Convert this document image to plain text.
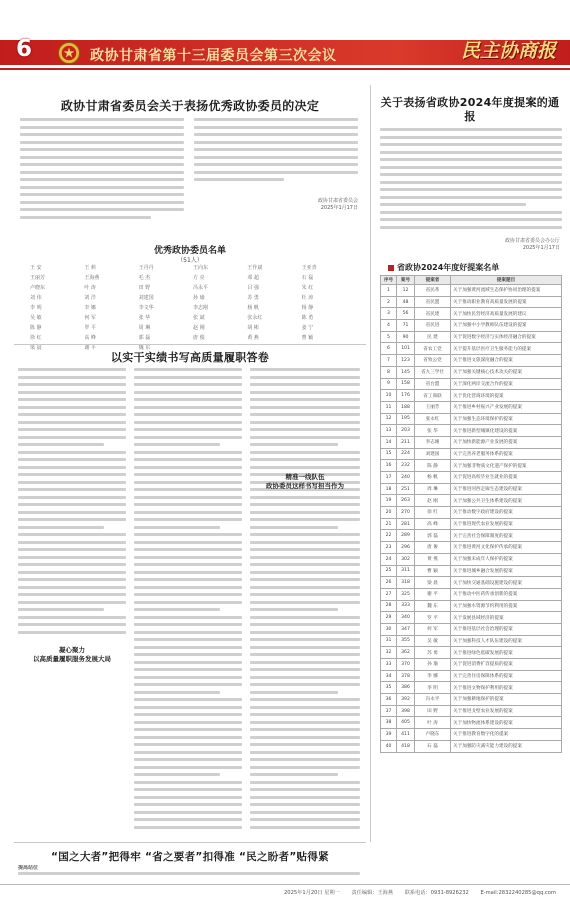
6	政协甘肃省第十三届委员会第三次会议	民主协商报
政协甘肃省委员会关于表扬优秀政协委员的决定
政协甘肃省委员会
2025年1月17日
优秀政协委员名单
（51人）
王 安	王 莉	王丹丹	王向东	王作斌	王亚青
王丽芳	王海燕	毛 杰	方 亮	邓 超	石 磊
卢晓东	叶 涛	田 野	冯永平	吕 强	朱 红
刘 伟	刘 洋	刘建国	孙 瑜	苏 勇	杜 涛
李 明	李 娜	李文华	李志刚	杨 帆	杨 静
吴 敏	何 军	张 华	张 斌	张永红	陈 勇
陈 静	罗 平	周 琳	赵 刚	胡 彬	姜 宁
徐 红	高 峰	郭 磊	唐 俊	黄 燕	曹 颖
梁 晨	谢 平	魏 东
以实干实绩书写高质量履职答卷
凝心聚力
以高质量履职服务发展大局
精准一线队伍
政协委员这样书写担当作为
关于表扬省政协2024年度提案的通报
政协甘肃省委员会办公厅
2025年1月17日
省政协2024年度好提案名单
序号	案号	提案者	提案题目
1	12	省民革	关于加强黄河流域生态保护协同治理的提案
2	48	省民盟	关于推动职业教育高质量发展的提案
3	56	省民建	关于加快民营经济高质量发展的建议
4	71	省民进	关于加强中小学教师队伍建设的提案
5	90	民 建	关于促进数字经济与实体经济融合的提案
6	101	省农工党	关于提升基层医疗卫生服务能力的提案
7	123	省致公党	关于推进文旅深度融合的提案
8	145	省九三学社	关于加强关键核心技术攻关的提案
9	158	省台盟	关于深化两岸交流合作的提案
10	176	省工商联	关于优化营商环境的提案
11	188	王丽芳	关于推进乡村振兴产业发展的提案
12	195	张永红	关于加强生态环境保护的提案
13	203	张 华	关于推进新型城镇化建设的提案
14	211	李志刚	关于加快新能源产业发展的提案
15	224	刘建国	关于完善养老服务体系的提案
16	232	陈 静	关于加强非物质文化遗产保护的提案
17	240	杨 帆	关于促进高校毕业生就业的提案
18	251	周 琳	关于推进河西走廊生态建设的提案
19	263	赵 刚	关于加强公共卫生体系建设的提案
20	270	徐 红	关于推动数字政府建设的提案
21	281	高 峰	关于推进现代农业发展的提案
22	289	郭 磊	关于完善社会保障制度的提案
23	296	唐 俊	关于推进黄河文化保护传承的提案
24	302	黄 燕	关于加强未成年人保护的提案
25	311	曹 颖	关于推进城乡融合发展的提案
26	318	梁 晨	关于加快交通基础设施建设的提案
27	325	谢 平	关于推动中医药传承创新的提案
28	333	魏 东	关于加强水资源节约利用的提案
29	340	罗 平	关于发展县域经济的提案
30	347	何 军	关于推进基层社会治理的提案
31	355	吴 敏	关于加强科技人才队伍建设的提案
32	362	苏 勇	关于推进绿色低碳发展的提案
33	370	孙 瑜	关于促进消费扩容提质的提案
34	378	李 娜	关于完善住房保障体系的提案
35	386	李 明	关于推进文物保护利用的提案
36	392	冯永平	关于加强耕地保护的提案
37	398	田 野	关于推进戈壁农业发展的提案
38	405	叶 涛	关于加快物流体系建设的提案
39	411	卢晓东	关于推进教育数字化的提案
40	418	石 磊	关于加强防灾减灾能力建设的提案
“国之大者”把得牢 “省之要者”扣得准 “民之盼者”贴得紧
提高站位
2025年1月20日 星期一 责任编辑：王海燕 联系电话：0931-8926232 E-mail:2832240285@qq.com
